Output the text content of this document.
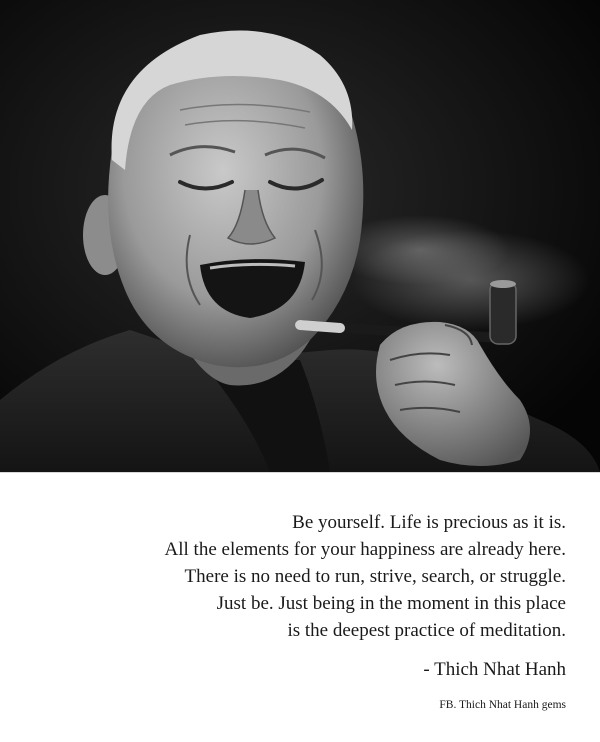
Be yourself. Life is precious as it is.
All the elements for your happiness are already here.
There is no need to run, strive, search, or struggle.
Just be. Just being in the moment in this place
is the deepest practice of meditation.
- Thich Nhat Hanh
FB. Thich Nhat Hanh gems
